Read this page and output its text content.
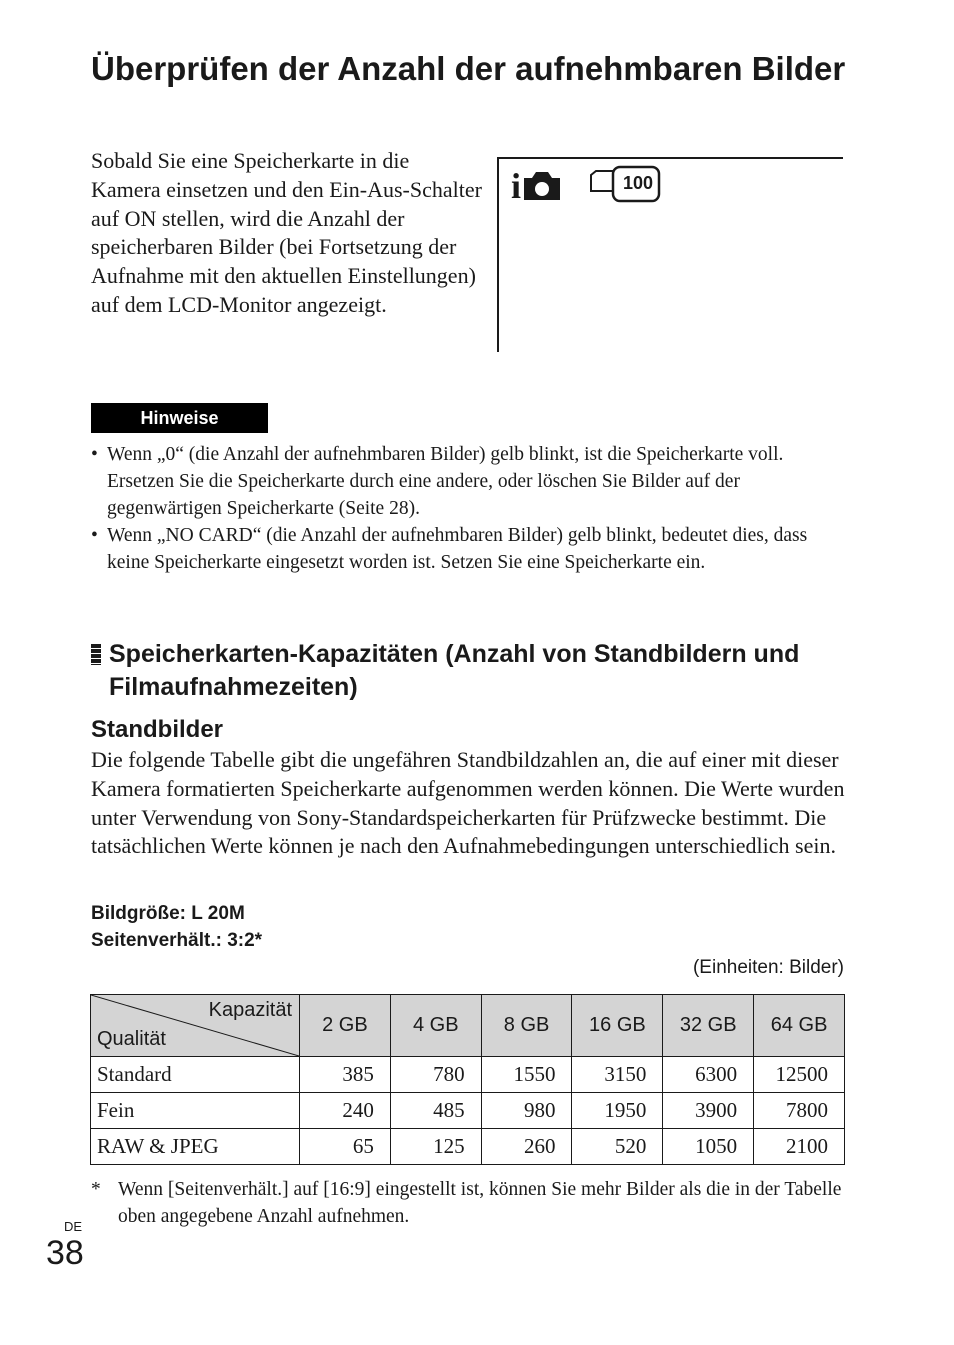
Überprüfen der Anzahl der aufnehmbaren Bilder
Sobald Sie eine Speicherkarte in die Kamera einsetzen und den Ein-Aus-Schalter auf ON stellen, wird die Anzahl der speicherbaren Bilder (bei Fortsetzung der Aufnahme mit den aktuellen Einstellungen) auf dem LCD-Monitor angezeigt.
i	100
Hinweise
• Wenn „0“ (die Anzahl der aufnehmbaren Bilder) gelb blinkt, ist die Speicherkarte voll. Ersetzen Sie die Speicherkarte durch eine andere, oder löschen Sie Bilder auf der gegenwärtigen Speicherkarte (Seite 28).
• Wenn „NO CARD“ (die Anzahl der aufnehmbaren Bilder) gelb blinkt, bedeutet dies, dass keine Speicherkarte eingesetzt worden ist. Setzen Sie eine Speicherkarte ein.
Speicherkarten-Kapazitäten (Anzahl von Standbildern und Filmaufnahmezeiten)
Standbilder
Die folgende Tabelle gibt die ungefähren Standbildzahlen an, die auf einer mit dieser Kamera formatierten Speicherkarte aufgenommen werden können. Die Werte wurden unter Verwendung von Sony-Standardspeicherkarten für Prüfzwecke bestimmt. Die tatsächlichen Werte können je nach den Aufnahmebedingungen unterschiedlich sein.
Bildgröße: L 20M
Seitenverhält.: 3:2*
(Einheiten: Bilder)
Kapazität
Qualität	2 GB	4 GB	8 GB	16 GB	32 GB	64 GB
Standard	385	780	1550	3150	6300	12500
Fein	240	485	980	1950	3900	7800
RAW & JPEG	65	125	260	520	1050	2100
* Wenn [Seitenverhält.] auf [16:9] eingestellt ist, können Sie mehr Bilder als die in der Tabelle oben angegebene Anzahl aufnehmen.
DE
38
